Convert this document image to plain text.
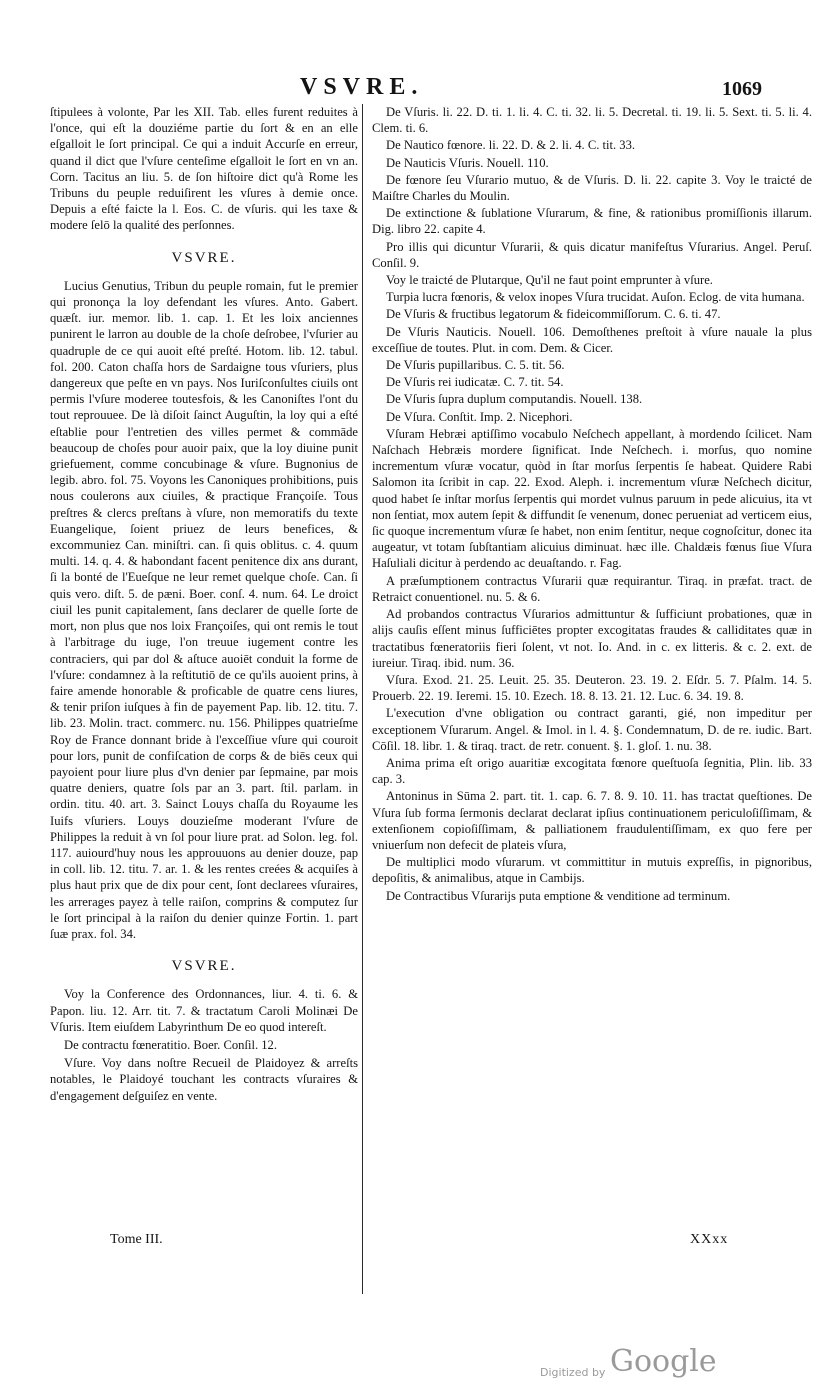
VSVRE.	1069

ſtipulees à volonte, Par les XII. Tab. elles furent reduites à l'once, qui eſt la douziéme partie du ſort & en an elle eſgalloit le ſort principal. Ce qui a induit Accurſe en erreur, quand il dict que l'vſure centeſime eſgalloit le ſort en vn an. Corn. Tacitus an liu. 5. de ſon hiſtoire dict qu'à Rome les Tribuns du peuple reduiſirent les vſures à demie once. Depuis a eſté faicte la l. Eos. C. de vſuris. qui les taxe & modere ſelō la qualité des perſonnes.

VSVRE.

Lucius Genutius, Tribun du peuple romain, fut le premier qui prononça la loy defendant les vſures. Anto. Gabert. quæſt. iur. memor. lib. 1. cap. 1. Et les loix anciennes punirent le larron au double de la choſe deſrobee, l'vſurier au quadruple de ce qui auoit eſté preſté. Hotom. lib. 12. tabul. fol. 200. Caton chaſſa hors de Sardaigne tous vſuriers, plus dangereux que peſte en vn pays. Nos Iuriſconſultes ciuils ont permis l'vſure moderee toutesfois, & les Canoniſtes l'ont du tout reprouuee. De là diſoit ſainct Auguſtin, la loy qui a eſté eſtablie pour l'entretien des villes permet & commāde beaucoup de choſes pour auoir paix, que la loy diuine punit griefuement, comme concubinage & vſure. Bugnonius de legib. abro. fol. 75. Voyons les Canoniques prohibitions, puis nous coulerons aux ciuiles, & practique Françoiſe. Tous preſtres & clercs preſtans à vſure, non memoratifs du texte Euangelique, ſoient priuez de leurs benefices, & excommuniez Can. miniſtri. can. ſi quis oblitus. c. 4. quum multi. 14. q. 4. & habondant facent penitence dix ans durant, ſi la bonté de l'Eueſque ne leur remet quelque choſe. Can. ſi quis vero. diſt. 5. de pæni. Boer. conſ. 4. num. 64. Le droict ciuil les punit capitalement, ſans declarer de quelle ſorte de mort, non plus que nos loix Françoiſes, qui ont remis le tout à l'arbitrage du iuge, l'on treuue iugement contre les contraciers, qui par dol & aſtuce auoiēt conduit la forme de l'vſure: condamnez à la reſtitutiō de ce qu'ils auoient prins, à faire amende honorable & proficable de quatre cens liures, & tenir priſon iuſques à fin de payement Pap. lib. 12. titu. 7. lib. 23. Molin. tract. commerc. nu. 156. Philippes quatrieſme Roy de France donnant bride à l'exceſſiue vſure qui couroit pour lors, punit de confiſcation de corps & de biēs ceux qui payoient pour liure plus d'vn denier par ſepmaine, par mois quatre deniers, quatre ſols par an 3. part. ſtil. parlam. in ordin. titu. 40. art. 3. Sainct Louys chaſſa du Royaume les Iuifs vſuriers. Louys douzieſme moderant l'vſure de Philippes la reduit à vn ſol pour liure prat. ad Solon. leg. fol. 117. auiourd'huy nous les approuuons au denier douze, pap in coll. lib. 12. titu. 7. ar. 1. & les rentes creées & acquiſes à plus haut prix que de dix pour cent, ſont declarees vſuraires, les arrerages payez à telle raiſon, comprins & computez ſur le ſort principal à la raiſon du denier quinze Fortin. 1. part ſuæ prax. fol. 34.

VSVRE.

Voy la Conference des Ordonnances, liur. 4. ti. 6. & Papon. liu. 12. Arr. tit. 7. & tractatum Caroli Molinæi De Vſuris. Item eiuſdem Labyrinthum De eo quod intereſt.

De contractu fœneratitio. Boer. Conſil. 12.

Vſure. Voy dans noſtre Recueil de Plaidoyez & arreſts notables, le Plaidoyé touchant les contracts vſuraires & d'engagement deſguiſez en vente.

De Vſuris. li. 22. D. ti. 1. li. 4. C. ti. 32. li. 5. Decretal. ti. 19. li. 5. Sext. ti. 5. li. 4. Clem. ti. 6.

De Nautico fœnore. li. 22. D. & 2. li. 4. C. tit. 33.

De Nauticis Vſuris. Nouell. 110.

De fœnore ſeu Vſurario mutuo, & de Vſuris. D. li. 22. capite 3. Voy le traicté de Maiſtre Charles du Moulin.

De extinctione & ſublatione Vſurarum, & fine, & rationibus promiſſionis illarum. Dig. libro 22. capite 4.

Pro illis qui dicuntur Vſurarii, & quis dicatur manifeſtus Vſurarius. Angel. Peruſ. Conſil. 9.

Voy le traicté de Plutarque, Qu'il ne faut point emprunter à vſure.

Turpia lucra fœnoris, & velox inopes Vſura trucidat. Auſon. Eclog. de vita humana.

De Vſuris & fructibus legatorum & fideicommiſſorum. C. 6. ti. 47.

De Vſuris Nauticis. Nouell. 106. Demoſthenes preſtoit à vſure nauale la plus exceſſiue de toutes. Plut. in com. Dem. & Cicer.

De Vſuris pupillaribus. C. 5. tit. 56.

De Vſuris rei iudicatæ. C. 7. tit. 54.

De Vſuris ſupra duplum computandis. Nouell. 138.

De Vſura. Conſtit. Imp. 2. Nicephori.

Vſuram Hebræi aptiſſimo vocabulo Neſchech appellant, à mordendo ſcilicet. Nam Naſchach Hebræis mordere ſignificat. Inde Neſchech. i. morſus, quo nomine incrementum vſuræ vocatur, quòd in ſtar morſus ſerpentis ſe habeat. Quidere Rabi Salomon ita ſcribit in cap. 22. Exod. Aleph. i. incrementum vſuræ Neſchech dicitur, quod habet ſe inſtar morſus ſerpentis qui mordet vulnus paruum in pede alicuius, ita vt non ſentiat, mox autem ſepit & diffundit ſe venenum, donec perueniat ad verticem eius, ſic quoque incrementum vſuræ ſe habet, non enim ſentitur, neque cognoſcitur, donec ita augeatur, vt totam ſubſtantiam alicuius diminuat. hæc ille. Chaldæis fœnus ſiue Vſura Haſuliali dicitur à perdendo ac deuaſtando. r. Fag.

A præſumptionem contractus Vſurarii quæ requirantur. Tiraq. in præfat. tract. de Retraict conuentionel. nu. 5. & 6.

Ad probandos contractus Vſurarios admittuntur & ſufficiunt probationes, quæ in alijs cauſis eſſent minus ſufficiētes propter excogitatas fraudes & calliditates quæ in tractatibus fœneratoriis fieri ſolent, vt not. Io. And. in c. ex litteris. & c. 2. ext. de iureiur. Tiraq. ibid. num. 36.

Vſura. Exod. 21. 25. Leuit. 25. 35. Deuteron. 23. 19. 2. Eſdr. 5. 7. Pſalm. 14. 5. Prouerb. 22. 19. Ieremi. 15. 10. Ezech. 18. 8. 13. 21. 12. Luc. 6. 34. 19. 8.

L'execution d'vne obligation ou contract garanti, gié, non impeditur per exceptionem Vſurarum. Angel. & Imol. in l. 4. §. Condemnatum, D. de re. iudic. Bart. Cōſil. 18. libr. 1. & tiraq. tract. de retr. conuent. §. 1. gloſ. 1. nu. 38.

Anima prima eſt origo auaritiæ excogitata fœnore queſtuoſa ſegnitia, Plin. lib. 33 cap. 3.

Antoninus in Sūma 2. part. tit. 1. cap. 6. 7. 8. 9. 10. 11. has tractat queſtiones. De Vſura ſub forma ſermonis declarat declarat ipſius continuationem periculoſiſſimam, & extenſionem copioſiſſimam, & palliationem fraudulentiſſimam, ex quo fere per vniuerſum non defecit de plateis vſura,

De multiplici modo vſurarum. vt committitur in mutuis expreſſis, in pignoribus, depoſitis, & animalibus, atque in Cambijs.

De Contractibus Vſurarijs puta emptione & venditione ad terminum.

Tome III.	XXxx
Digitized by Google
